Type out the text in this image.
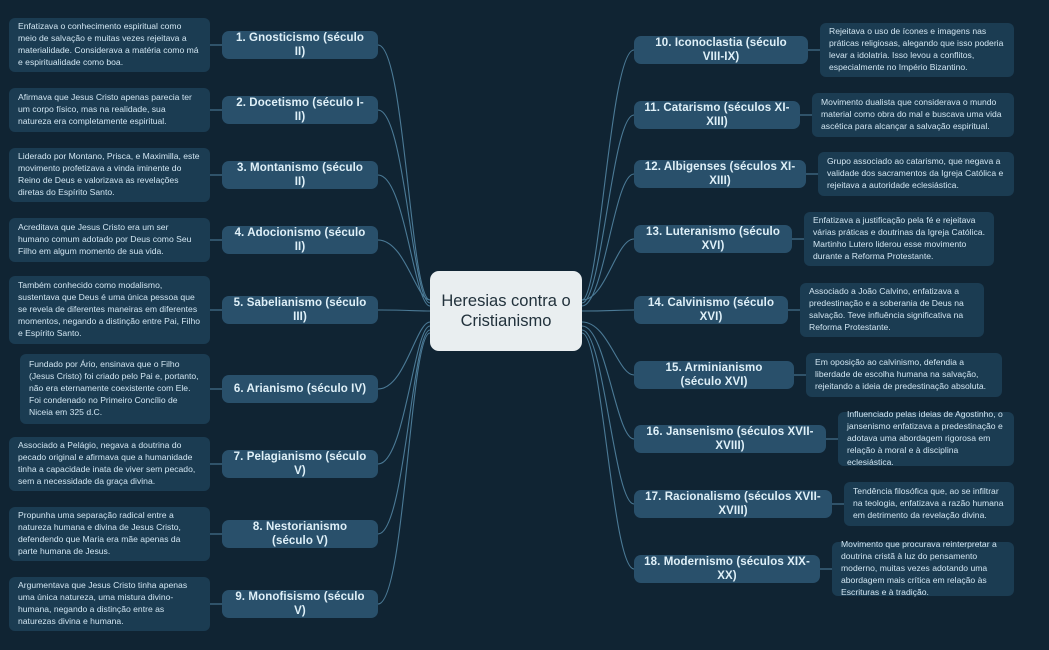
Enfatizava o conhecimento espiritual como meio de salvação e muitas vezes rejeitava a materialidade. Considerava a matéria como má e espiritualidade como boa.
Afirmava que Jesus Cristo apenas parecia ter um corpo físico, mas na realidade, sua natureza era completamente espiritual.
Liderado por Montano, Prisca, e Maximilla, este movimento profetizava a vinda iminente do Reino de Deus e valorizava as revelações diretas do Espírito Santo.
Acreditava que Jesus Cristo era um ser humano comum adotado por Deus como Seu Filho em algum momento de sua vida.
Também conhecido como modalismo, sustentava que Deus é uma única pessoa que se revela de diferentes maneiras em diferentes momentos, negando a distinção entre Pai, Filho e Espírito Santo.
Fundado por Ário, ensinava que o Filho (Jesus Cristo) foi criado pelo Pai e, portanto, não era eternamente coexistente com Ele. Foi condenado no Primeiro Concílio de Niceia em 325 d.C.
Associado a Pelágio, negava a doutrina do pecado original e afirmava que a humanidade tinha a capacidade inata de viver sem pecado, sem a necessidade da graça divina.
Propunha uma separação radical entre a natureza humana e divina de Jesus Cristo, defendendo que Maria era mãe apenas da parte humana de Jesus.
Argumentava que Jesus Cristo tinha apenas uma única natureza, uma mistura divino-humana, negando a distinção entre as naturezas divina e humana.
1. Gnosticismo (século II)
2. Docetismo (século I-II)
3. Montanismo (século II)
4. Adocionismo (século II)
5. Sabelianismo (século III)
6. Arianismo (século IV)
7. Pelagianismo (século V)
8. Nestorianismo (século V)
9. Monofisismo (século V)
Heresias contra o Cristianismo
10. Iconoclastia (século VIII-IX)
11. Catarismo (séculos XI-XIII)
12. Albigenses (séculos XI-XIII)
13. Luteranismo (século XVI)
14. Calvinismo (século XVI)
15. Arminianismo (século XVI)
16. Jansenismo (séculos XVII-XVIII)
17. Racionalismo (séculos XVII-XVIII)
18. Modernismo (séculos XIX-XX)
Rejeitava o uso de ícones e imagens nas práticas religiosas, alegando que isso poderia levar a idolatria. Isso levou a conflitos, especialmente no Império Bizantino.
Movimento dualista que considerava o mundo material como obra do mal e buscava uma vida ascética para alcançar a salvação espiritual.
Grupo associado ao catarismo, que negava a validade dos sacramentos da Igreja Católica e rejeitava a autoridade eclesiástica.
Enfatizava a justificação pela fé e rejeitava várias práticas e doutrinas da Igreja Católica. Martinho Lutero liderou esse movimento durante a Reforma Protestante.
Associado a João Calvino, enfatizava a predestinação e a soberania de Deus na salvação. Teve influência significativa na Reforma Protestante.
Em oposição ao calvinismo, defendia a liberdade de escolha humana na salvação, rejeitando a ideia de predestinação absoluta.
Influenciado pelas ideias de Agostinho, o jansenismo enfatizava a predestinação e adotava uma abordagem rigorosa em relação à moral e à disciplina eclesiástica.
Tendência filosófica que, ao se infiltrar na teologia, enfatizava a razão humana em detrimento da revelação divina.
Movimento que procurava reinterpretar a doutrina cristã à luz do pensamento moderno, muitas vezes adotando uma abordagem mais crítica em relação às Escrituras e à tradição.
